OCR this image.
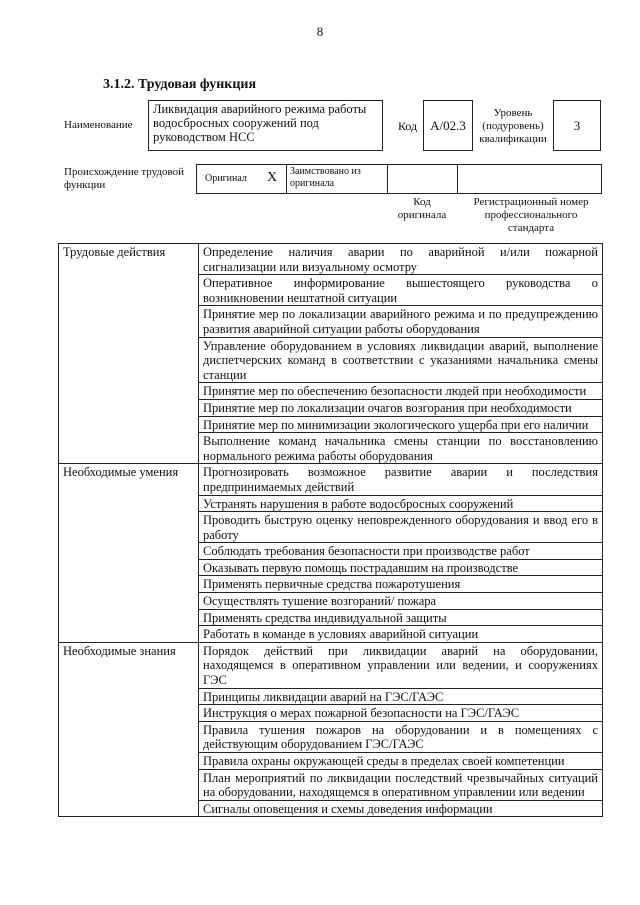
8
3.1.2. Трудовая функция
Наименование
Ликвидация аварийного режима работы водосбросных сооружений под руководством НСС
Код А/02.3
Уровень
(подуровень)
квалификации
3
Происхождение трудовой
функции
Оригинал X Заимствовано из
оригинала
Код
оригинала
Регистрационный номер
профессионального
стандарта
Трудовые действия	Определение наличия аварии по аварийной и/или пожарной сигнализации или визуальному осмотру
	Оперативное информирование вышестоящего руководства о возникновении нештатной ситуации
	Принятие мер по локализации аварийного режима и по предупреждению развития аварийной ситуации работы оборудования
	Управление оборудованием в условиях ликвидации аварий, выполнение диспетчерских команд в соответствии с указаниями начальника смены станции
	Принятие мер по обеспечению безопасности людей при необходимости
	Принятие мер по локализации очагов возгорания при необходимости
	Принятие мер по минимизации экологического ущерба при его наличии
	Выполнение команд начальника смены станции по восстановлению нормального режима работы оборудования
Необходимые умения	Прогнозировать возможное развитие аварии и последствия предпринимаемых действий
	Устранять нарушения в работе водосбросных сооружений
	Проводить быструю оценку неповрежденного оборудования и ввод его в работу
	Соблюдать требования безопасности при производстве работ
	Оказывать первую помощь пострадавшим на производстве
	Применять первичные средства пожаротушения
	Осуществлять тушение возгораний/ пожара
	Применять средства индивидуальной защиты
	Работать в команде в условиях аварийной ситуации
Необходимые знания	Порядок действий при ликвидации аварий на оборудовании, находящемся в оперативном управлении или ведении, и сооружениях ГЭС
	Принципы ликвидации аварий на ГЭС/ГАЭС
	Инструкция о мерах пожарной безопасности на ГЭС/ГАЭС
	Правила тушения пожаров на оборудовании и в помещениях с действующим оборудованием ГЭС/ГАЭС
	Правила охраны окружающей среды в пределах своей компетенции
	План мероприятий по ликвидации последствий чрезвычайных ситуаций на оборудовании, находящемся в оперативном управлении или ведении
	Сигналы оповещения и схемы доведения информации
